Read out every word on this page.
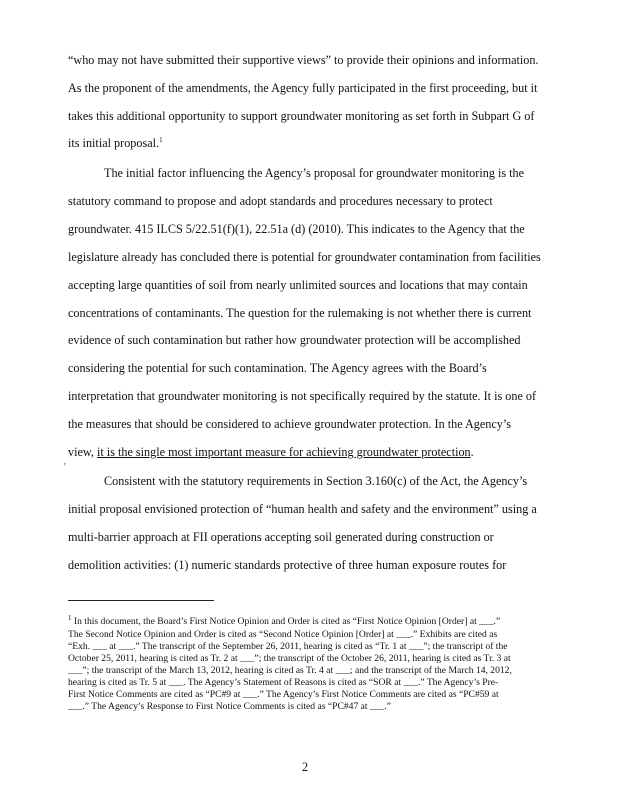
“who may not have submitted their supportive views” to provide their opinions and information.
As the proponent of the amendments, the Agency fully participated in the first proceeding, but it
takes this additional opportunity to support groundwater monitoring as set forth in Subpart G of
its initial proposal.$^1$
The initial factor influencing the Agency’s proposal for groundwater monitoring is the
statutory command to propose and adopt standards and procedures necessary to protect
groundwater. 415 ILCS 5/22.51(f)(1), 22.51a (d) (2010). This indicates to the Agency that the
legislature already has concluded there is potential for groundwater contamination from facilities
accepting large quantities of soil from nearly unlimited sources and locations that may contain
concentrations of contaminants. The question for the rulemaking is not whether there is current
evidence of such contamination but rather how groundwater protection will be accomplished
considering the potential for such contamination. The Agency agrees with the Board’s
interpretation that groundwater monitoring is not specifically required by the statute. It is one of
the measures that should be considered to achieve groundwater protection. In the Agency’s
view, it is the single most important measure for achieving groundwater protection.
'
Consistent with the statutory requirements in Section 3.160(c) of the Act, the Agency’s
initial proposal envisioned protection of “human health and safety and the environment” using a
multi-barrier approach at FII operations accepting soil generated during construction or
demolition activities: (1) numeric standards protective of three human exposure routes for
$^1$ In this document, the Board’s First Notice Opinion and Order is cited as “First Notice Opinion [Order] at ___.”
The Second Notice Opinion and Order is cited as “Second Notice Opinion [Order] at ___.” Exhibits are cited as
“Exh. ___ at ___.” The transcript of the September 26, 2011, hearing is cited as “Tr. 1 at ___”; the transcript of the
October 25, 2011, hearing is cited as Tr. 2 at ___”; the transcript of the October 26, 2011, hearing is cited as Tr. 3 at
___”; the transcript of the March 13, 2012, hearing is cited as Tr. 4 at ___; and the transcript of the March 14, 2012,
hearing is cited as Tr. 5 at ___. The Agency’s Statement of Reasons is cited as “SOR at ___.” The Agency’s Pre-
First Notice Comments are cited as “PC#9 at ___.” The Agency’s First Notice Comments are cited as “PC#59 at
___.” The Agency’s Response to First Notice Comments is cited as “PC#47 at ___.”
2
